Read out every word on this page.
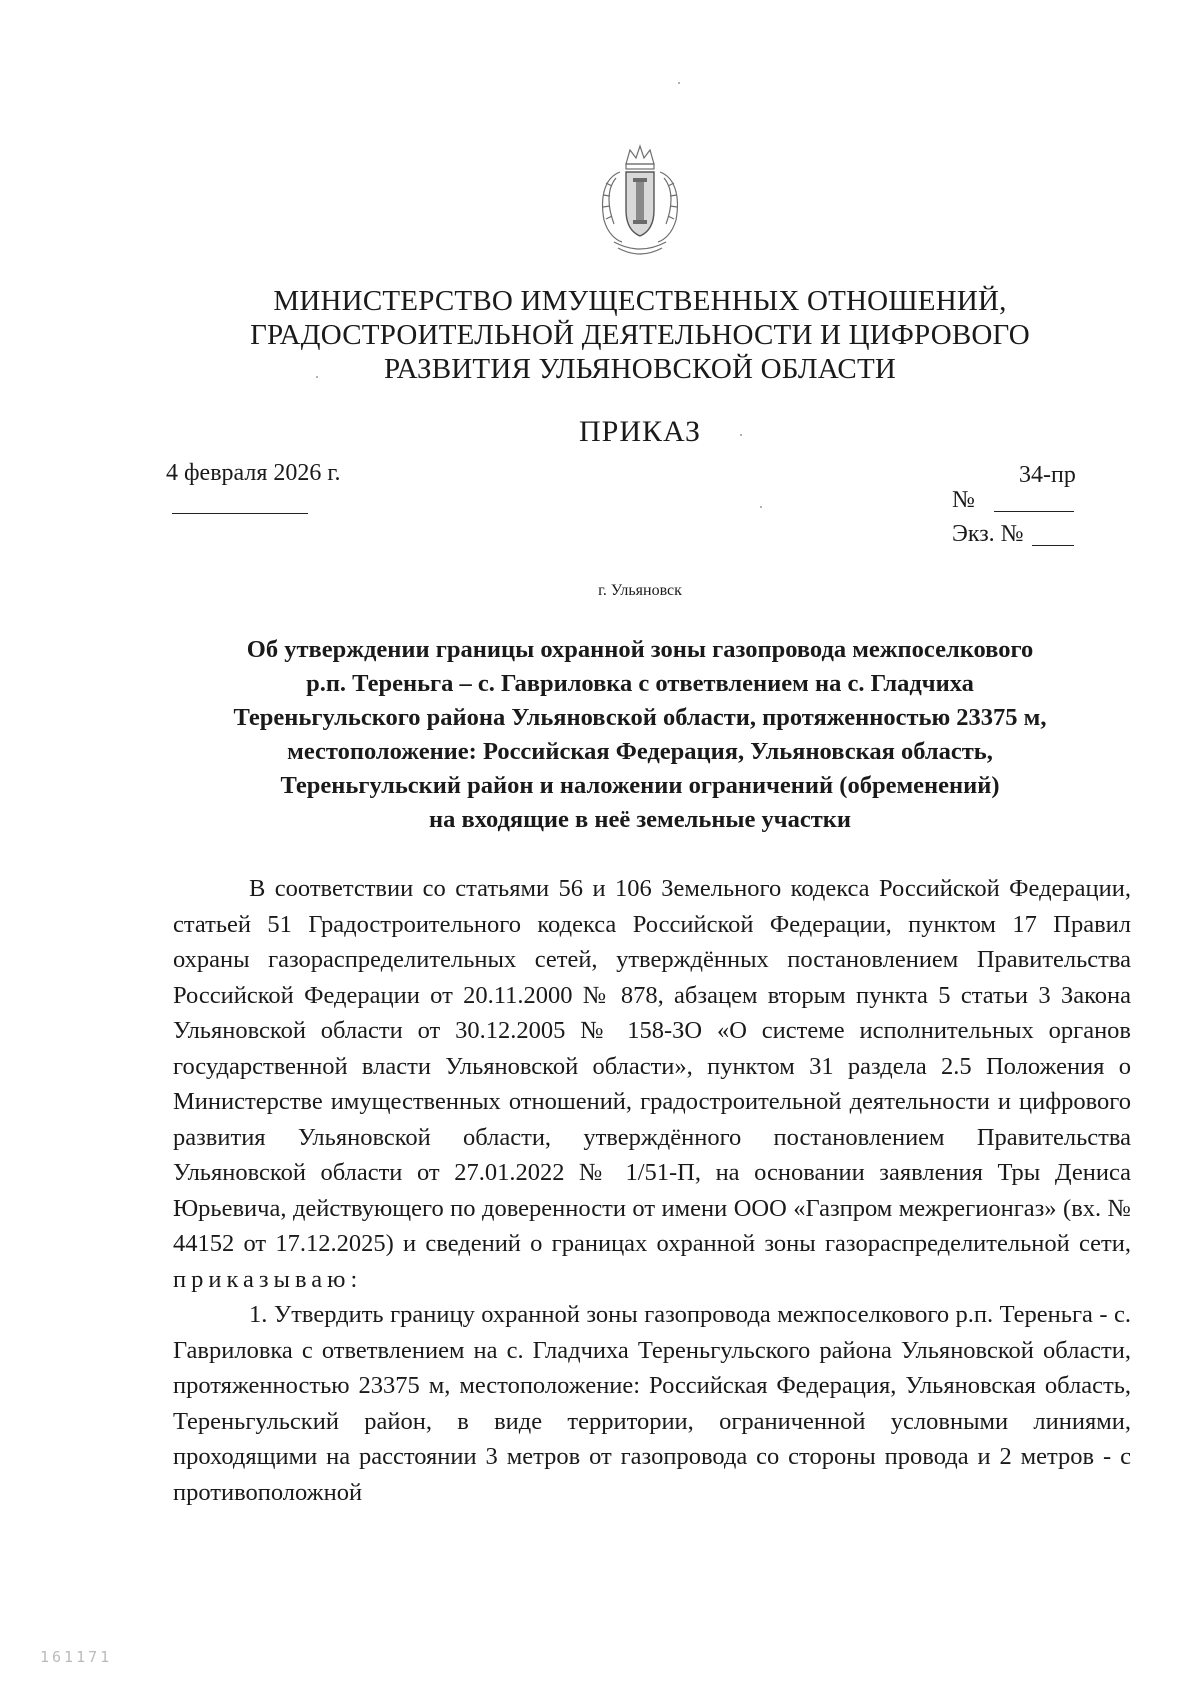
МИНИСТЕРСТВО ИМУЩЕСТВЕННЫХ ОТНОШЕНИЙ,
ГРАДОСТРОИТЕЛЬНОЙ ДЕЯТЕЛЬНОСТИ И ЦИФРОВОГО
РАЗВИТИЯ УЛЬЯНОВСКОЙ ОБЛАСТИ
ПРИКАЗ
4 февраля 2026 г.	34-пр
№
Экз. №
г. Ульяновск
Об утверждении границы охранной зоны газопровода межпоселкового
р.п. Тереньга – с. Гавриловка с ответвлением на с. Гладчиха
Тереньгульского района Ульяновской области, протяженностью 23375 м,
местоположение: Российская Федерация, Ульяновская область,
Тереньгульский район и наложении ограничений (обременений)
на входящие в неё земельные участки

В соответствии со статьями 56 и 106 Земельного кодекса Российской Федерации, статьей 51 Градостроительного кодекса Российской Федерации, пунктом 17 Правил охраны газораспределительных сетей, утверждённых постановлением Правительства Российской Федерации от 20.11.2000 № 878, абзацем вторым пункта 5 статьи 3 Закона Ульяновской области от 30.12.2005 № 158-ЗО «О системе исполнительных органов государственной власти Ульяновской области», пунктом 31 раздела 2.5 Положения о Министерстве имущественных отношений, градостроительной деятельности и цифрового развития Ульяновской области, утверждённого постановлением Правительства Ульяновской области от 27.01.2022 № 1/51-П, на основании заявления Тры Дениса Юрьевича, действующего по доверенности от имени ООО «Газпром межрегионгаз» (вх. № 44152 от 17.12.2025) и сведений о границах охранной зоны газораспределительной сети, приказываю:

1. Утвердить границу охранной зоны газопровода межпоселкового р.п. Тереньга - с. Гавриловка с ответвлением на с. Гладчиха Тереньгульского района Ульяновской области, протяженностью 23375 м, местоположение: Российская Федерация, Ульяновская область, Тереньгульский район, в виде территории, ограниченной условными линиями, проходящими на расстоянии 3 метров от газопровода со стороны провода и 2 метров - с противоположной

161171
